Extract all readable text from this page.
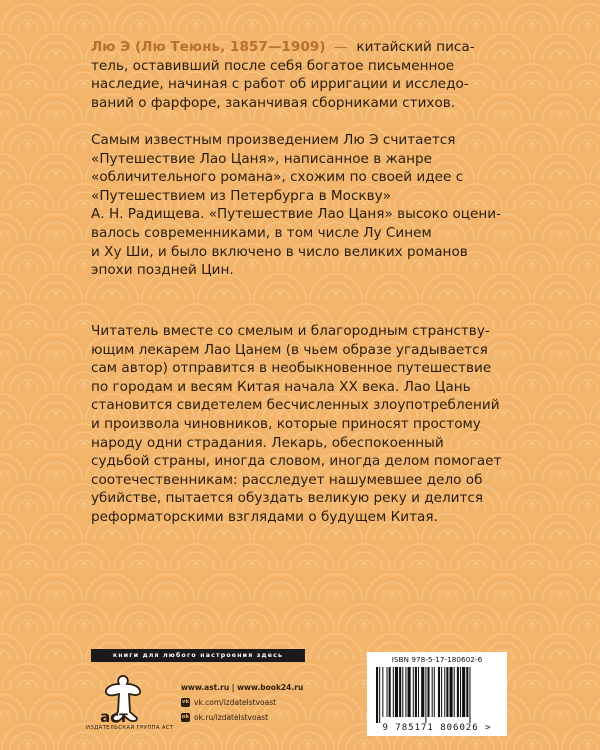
Лю Э (Лю Теюнь, 1857—1909) — китайский писа-
тель, оставивший после себя богатое письменное
наследие, начиная с работ об ирригации и исследо-
ваний о фарфоре, заканчивая сборниками стихов.
Самым известным произведением Лю Э считается
«Путешествие Лао Цаня», написанное в жанре
«обличительного романа», схожим по своей идее с
«Путешествием из Петербурга в Москву»
А. Н. Радищева. «Путешествие Лао Цаня» высоко оцени-
валось современниками, в том числе Лу Синем
и Ху Ши, и было включено в число великих романов
эпохи поздней Цин.
Читатель вместе со смелым и благородным странству-
ющим лекарем Лао Цанем (в чьем образе угадывается
сам автор) отправится в необыкновенное путешествие
по городам и весям Китая начала XX века. Лао Цань
становится свидетелем бесчисленных злоупотреблений
и произвола чиновников, которые приносят простому
народу одни страдания. Лекарь, обеспокоенный
судьбой страны, иногда словом, иногда делом помогает
соотечественникам: расследует нашумевшее дело об
убийстве, пытается обуздать великую реку и делится
реформаторскими взглядами о будущем Китая.
книги для любого настроения здесь
аст
ИЗДАТЕЛЬСКАЯ ГРУППА АСТ
www.ast.ru | www.book24.ru
vk vk.com/izdatelstvoast
ok ok.ru/izdatelstvoast
ISBN 978-5-17-180602-6
9 785171 806026 >
